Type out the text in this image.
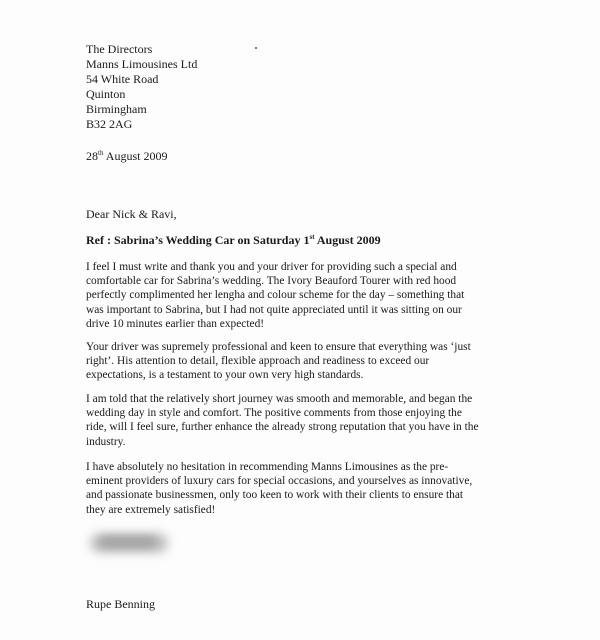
The Directors
Manns Limousines Ltd
54 White Road
Quinton
Birmingham
B32 2AG
28th August 2009
Dear Nick & Ravi,
Ref : Sabrina’s Wedding Car on Saturday 1st August 2009
I feel I must write and thank you and your driver for providing such a special and
comfortable car for Sabrina’s wedding. The Ivory Beauford Tourer with red hood
perfectly complimented her lengha and colour scheme for the day – something that
was important to Sabrina, but I had not quite appreciated until it was sitting on our
drive 10 minutes earlier than expected!
Your driver was supremely professional and keen to ensure that everything was ‘just
right’. His attention to detail, flexible approach and readiness to exceed our
expectations, is a testament to your own very high standards.
I am told that the relatively short journey was smooth and memorable, and began the
wedding day in style and comfort. The positive comments from those enjoying the
ride, will I feel sure, further enhance the already strong reputation that you have in the
industry.
I have absolutely no hesitation in recommending Manns Limousines as the pre-
eminent providers of luxury cars for special occasions, and yourselves as innovative,
and passionate businessmen, only too keen to work with their clients to ensure that
they are extremely satisfied!
Rupe Benning
